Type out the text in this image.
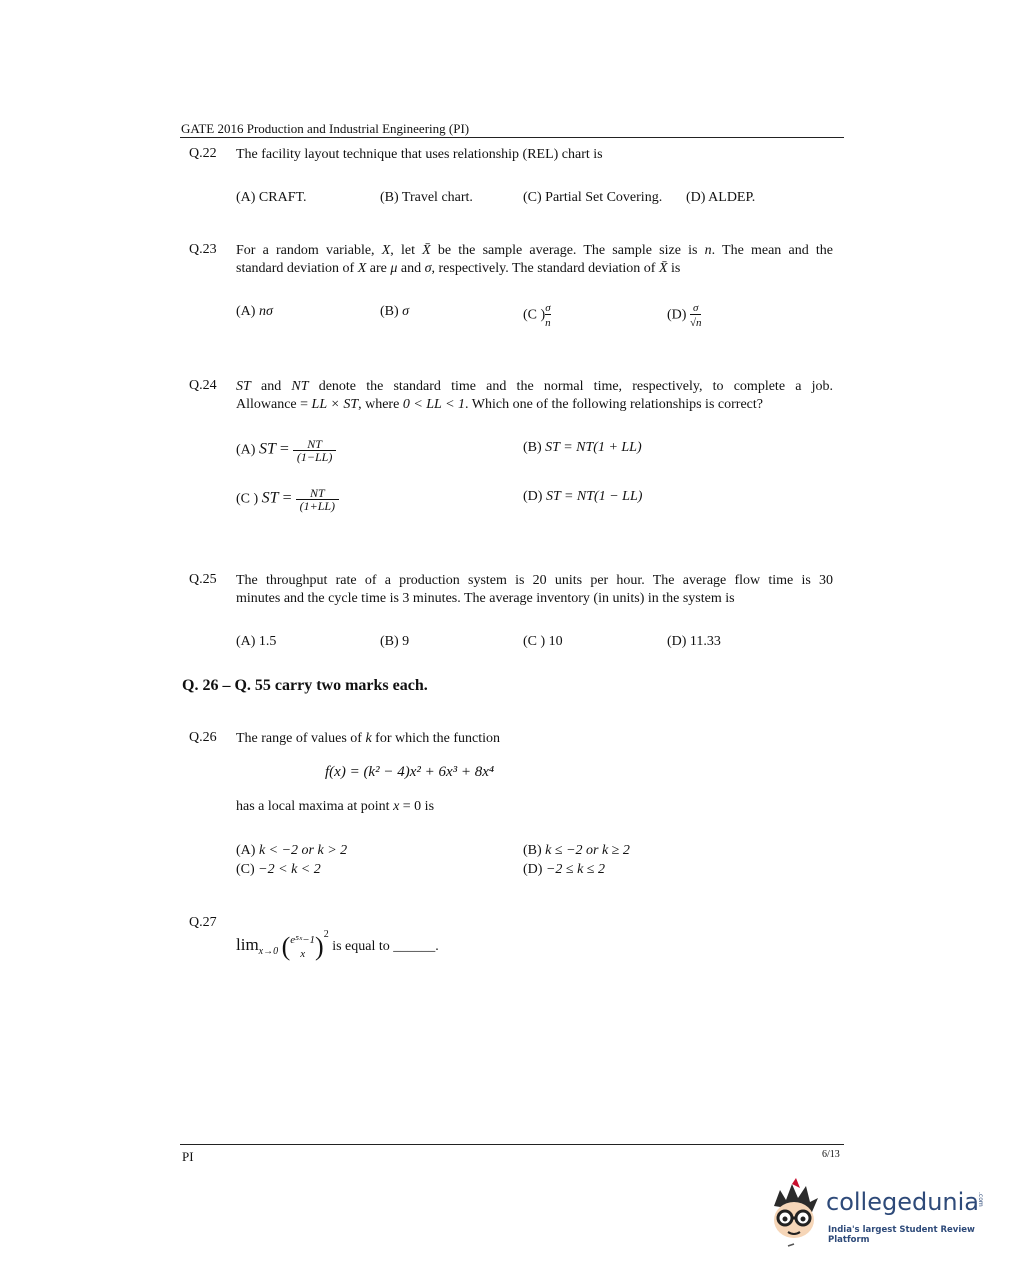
GATE 2016 Production and Industrial Engineering (PI)
Q.22 The facility layout technique that uses relationship (REL) chart is
(A) CRAFT.	(B) Travel chart.	(C) Partial Set Covering. (D) ALDEP.
Q.23 For a random variable, X, let X̄ be the sample average. The sample size is n. The mean and the
standard deviation of X are μ and σ, respectively. The standard deviation of X̄ is
(A) nσ	(B) σ	(C ) $\frac{\sigma}{n}$	$(D) \frac{\sigma}{√n}$
Q.24 ST and NT denote the standard time and the normal time, respectively, to complete a job.
Allowance = LL × ST, where 0 < LL < 1. Which one of the following relationships is correct?
(A) ST = $\frac{NT}{(1-LL)}$	(B) ST = NT(1 + LL)
(C ) ST = $\frac{NT}{(1+LL)}$	(D) ST = NT(1 − LL)
Q.25 The throughput rate of a production system is 20 units per hour. The average flow time is 30
minutes and the cycle time is 3 minutes. The average inventory (in units) in the system is
(A) 1.5	(B) 9	(C ) 10	(D) 11.33
Q. 26 – Q. 55 carry two marks each.
Q.26 The range of values of k for which the function
f(x) = (k² − 4)x² + 6x³ + 8x⁴
has a local maxima at point x = 0 is
(A) k < −2 or k > 2	(B) k ≤ −2 or k ≥ 2
(C) −2 < k < 2	(D) −2 ≤ k ≤ 2
Q.27
$\lim_{x\to 0}$ ( e⁵ˣ−1
x )$^2$ is equal to ______.
PI	6/13
collegedunia
India's largest Student Review Platform
.com
